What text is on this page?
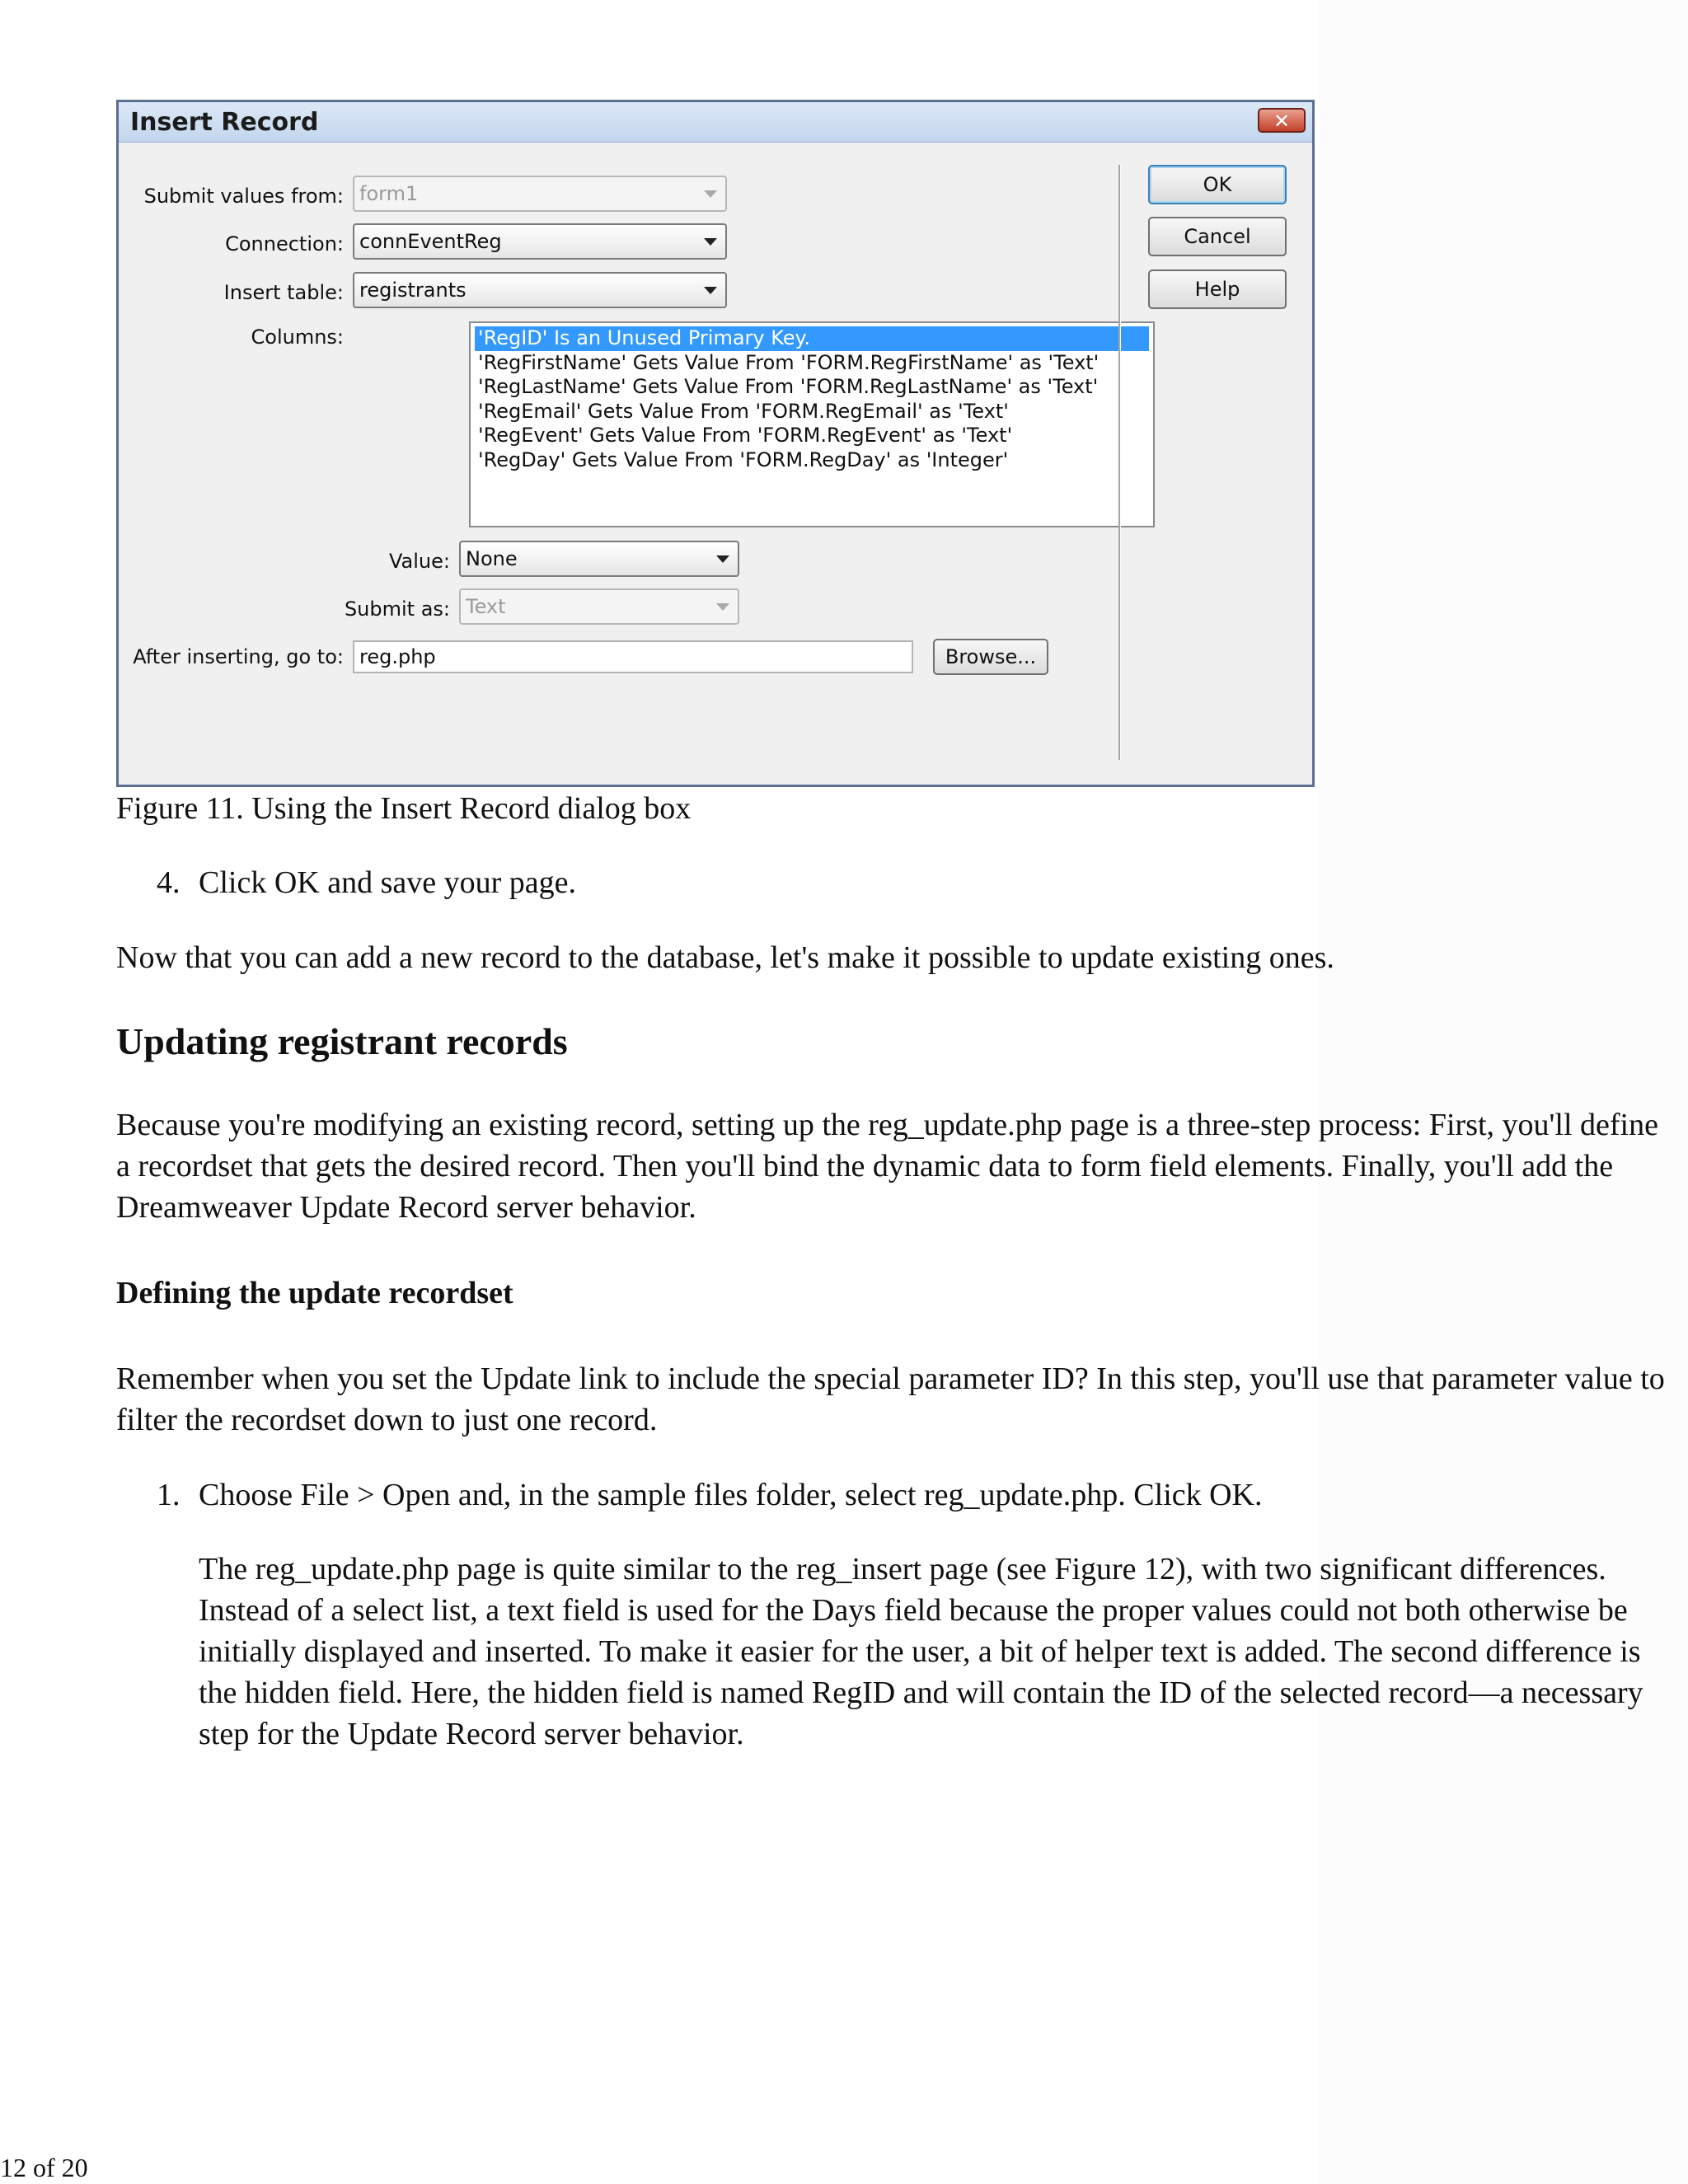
Insert Record	✕
Submit values from: form1
Connection: connEventReg
Insert table: registrants
Columns:	'RegID' Is an Unused Primary Key.
'RegFirstName' Gets Value From 'FORM.RegFirstName' as 'Text'
'RegLastName' Gets Value From 'FORM.RegLastName' as 'Text'
'RegEmail' Gets Value From 'FORM.RegEmail' as 'Text'
'RegEvent' Gets Value From 'FORM.RegEvent' as 'Text'
'RegDay' Gets Value From 'FORM.RegDay' as 'Integer'
Value: None
Submit as: Text
After inserting, go to: reg.php	Browse...
OK
Cancel
Help
Figure 11. Using the Insert Record dialog box
4. Click OK and save your page.

Now that you can add a new record to the database, let's make it possible to update existing ones.

Updating registrant records

Because you're modifying an existing record, setting up the reg_update.php page is a three-step process: First, you'll define a recordset that gets the desired record. Then you'll bind the dynamic data to form field elements. Finally, you'll add the Dreamweaver Update Record server behavior.

Defining the update recordset

Remember when you set the Update link to include the special parameter ID? In this step, you'll use that parameter value to filter the recordset down to just one record.

1. Choose File > Open and, in the sample files folder, select reg_update.php. Click OK.

The reg_update.php page is quite similar to the reg_insert page (see Figure 12), with two significant differences. Instead of a select list, a text field is used for the Days field because the proper values could not both otherwise be initially displayed and inserted. To make it easier for the user, a bit of helper text is added. The second difference is the hidden field. Here, the hidden field is named RegID and will contain the ID of the selected record—a necessary step for the Update Record server behavior.

12 of 20
